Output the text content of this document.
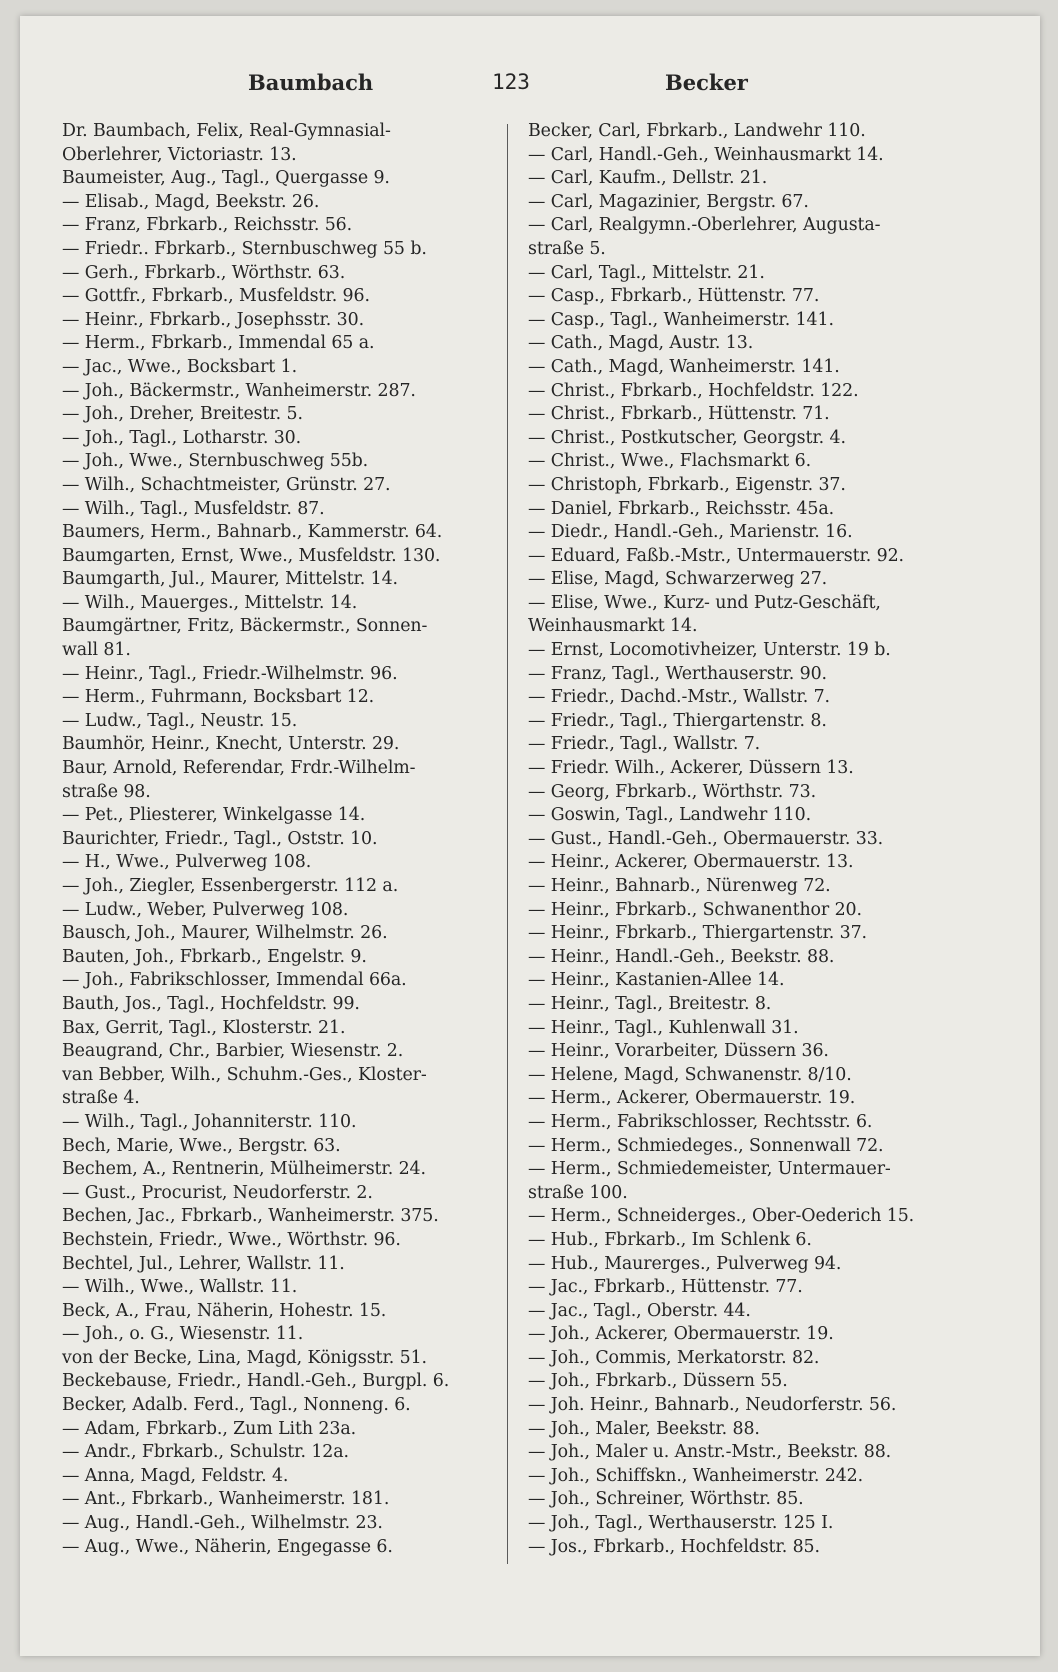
Baumbach	123	Becker
Dr. Baumbach, Felix, Real-Gymnasial-
Oberlehrer, Victoriastr. 13.
Baumeister, Aug., Tagl., Quergasse 9.
— Elisab., Magd, Beekstr. 26.
— Franz, Fbrkarb., Reichsstr. 56.
— Friedr.. Fbrkarb., Sternbuschweg 55 b.
— Gerh., Fbrkarb., Wörthstr. 63.
— Gottfr., Fbrkarb., Musfeldstr. 96.
— Heinr., Fbrkarb., Josephsstr. 30.
— Herm., Fbrkarb., Immendal 65 a.
— Jac., Wwe., Bocksbart 1.
— Joh., Bäckermstr., Wanheimerstr. 287.
— Joh., Dreher, Breitestr. 5.
— Joh., Tagl., Lotharstr. 30.
— Joh., Wwe., Sternbuschweg 55b.
— Wilh., Schachtmeister, Grünstr. 27.
— Wilh., Tagl., Musfeldstr. 87.
Baumers, Herm., Bahnarb., Kammerstr. 64.
Baumgarten, Ernst, Wwe., Musfeldstr. 130.
Baumgarth, Jul., Maurer, Mittelstr. 14.
— Wilh., Mauerges., Mittelstr. 14.
Baumgärtner, Fritz, Bäckermstr., Sonnen-
wall 81.
— Heinr., Tagl., Friedr.-Wilhelmstr. 96.
— Herm., Fuhrmann, Bocksbart 12.
— Ludw., Tagl., Neustr. 15.
Baumhör, Heinr., Knecht, Unterstr. 29.
Baur, Arnold, Referendar, Frdr.-Wilhelm-
straße 98.
— Pet., Pliesterer, Winkelgasse 14.
Baurichter, Friedr., Tagl., Oststr. 10.
— H., Wwe., Pulverweg 108.
— Joh., Ziegler, Essenbergerstr. 112 a.
— Ludw., Weber, Pulverweg 108.
Bausch, Joh., Maurer, Wilhelmstr. 26.
Bauten, Joh., Fbrkarb., Engelstr. 9.
— Joh., Fabrikschlosser, Immendal 66a.
Bauth, Jos., Tagl., Hochfeldstr. 99.
Bax, Gerrit, Tagl., Klosterstr. 21.
Beaugrand, Chr., Barbier, Wiesenstr. 2.
van Bebber, Wilh., Schuhm.-Ges., Kloster-
straße 4.
— Wilh., Tagl., Johanniterstr. 110.
Bech, Marie, Wwe., Bergstr. 63.
Bechem, A., Rentnerin, Mülheimerstr. 24.
— Gust., Procurist, Neudorferstr. 2.
Bechen, Jac., Fbrkarb., Wanheimerstr. 375.
Bechstein, Friedr., Wwe., Wörthstr. 96.
Bechtel, Jul., Lehrer, Wallstr. 11.
— Wilh., Wwe., Wallstr. 11.
Beck, A., Frau, Näherin, Hohestr. 15.
— Joh., o. G., Wiesenstr. 11.
von der Becke, Lina, Magd, Königsstr. 51.
Beckebause, Friedr., Handl.-Geh., Burgpl. 6.
Becker, Adalb. Ferd., Tagl., Nonneng. 6.
— Adam, Fbrkarb., Zum Lith 23a.
— Andr., Fbrkarb., Schulstr. 12a.
— Anna, Magd, Feldstr. 4.
— Ant., Fbrkarb., Wanheimerstr. 181.
— Aug., Handl.-Geh., Wilhelmstr. 23.
— Aug., Wwe., Näherin, Engegasse 6.
Becker, Carl, Fbrkarb., Landwehr 110.
— Carl, Handl.-Geh., Weinhausmarkt 14.
— Carl, Kaufm., Dellstr. 21.
— Carl, Magazinier, Bergstr. 67.
— Carl, Realgymn.-Oberlehrer, Augusta-
straße 5.
— Carl, Tagl., Mittelstr. 21.
— Casp., Fbrkarb., Hüttenstr. 77.
— Casp., Tagl., Wanheimerstr. 141.
— Cath., Magd, Austr. 13.
— Cath., Magd, Wanheimerstr. 141.
— Christ., Fbrkarb., Hochfeldstr. 122.
— Christ., Fbrkarb., Hüttenstr. 71.
— Christ., Postkutscher, Georgstr. 4.
— Christ., Wwe., Flachsmarkt 6.
— Christoph, Fbrkarb., Eigenstr. 37.
— Daniel, Fbrkarb., Reichsstr. 45a.
— Diedr., Handl.-Geh., Marienstr. 16.
— Eduard, Faßb.-Mstr., Untermauerstr. 92.
— Elise, Magd, Schwarzerweg 27.
— Elise, Wwe., Kurz- und Putz-Geschäft,
Weinhausmarkt 14.
— Ernst, Locomotivheizer, Unterstr. 19 b.
— Franz, Tagl., Werthauserstr. 90.
— Friedr., Dachd.-Mstr., Wallstr. 7.
— Friedr., Tagl., Thiergartenstr. 8.
— Friedr., Tagl., Wallstr. 7.
— Friedr. Wilh., Ackerer, Düssern 13.
— Georg, Fbrkarb., Wörthstr. 73.
— Goswin, Tagl., Landwehr 110.
— Gust., Handl.-Geh., Obermauerstr. 33.
— Heinr., Ackerer, Obermauerstr. 13.
— Heinr., Bahnarb., Nürenweg 72.
— Heinr., Fbrkarb., Schwanenthor 20.
— Heinr., Fbrkarb., Thiergartenstr. 37.
— Heinr., Handl.-Geh., Beekstr. 88.
— Heinr., Kastanien-Allee 14.
— Heinr., Tagl., Breitestr. 8.
— Heinr., Tagl., Kuhlenwall 31.
— Heinr., Vorarbeiter, Düssern 36.
— Helene, Magd, Schwanenstr. 8/10.
— Herm., Ackerer, Obermauerstr. 19.
— Herm., Fabrikschlosser, Rechtsstr. 6.
— Herm., Schmiedeges., Sonnenwall 72.
— Herm., Schmiedemeister, Untermauer-
straße 100.
— Herm., Schneiderges., Ober-Oederich 15.
— Hub., Fbrkarb., Im Schlenk 6.
— Hub., Maurerges., Pulverweg 94.
— Jac., Fbrkarb., Hüttenstr. 77.
— Jac., Tagl., Oberstr. 44.
— Joh., Ackerer, Obermauerstr. 19.
— Joh., Commis, Merkatorstr. 82.
— Joh., Fbrkarb., Düssern 55.
— Joh. Heinr., Bahnarb., Neudorferstr. 56.
— Joh., Maler, Beekstr. 88.
— Joh., Maler u. Anstr.-Mstr., Beekstr. 88.
— Joh., Schiffskn., Wanheimerstr. 242.
— Joh., Schreiner, Wörthstr. 85.
— Joh., Tagl., Werthauserstr. 125 I.
— Jos., Fbrkarb., Hochfeldstr. 85.
